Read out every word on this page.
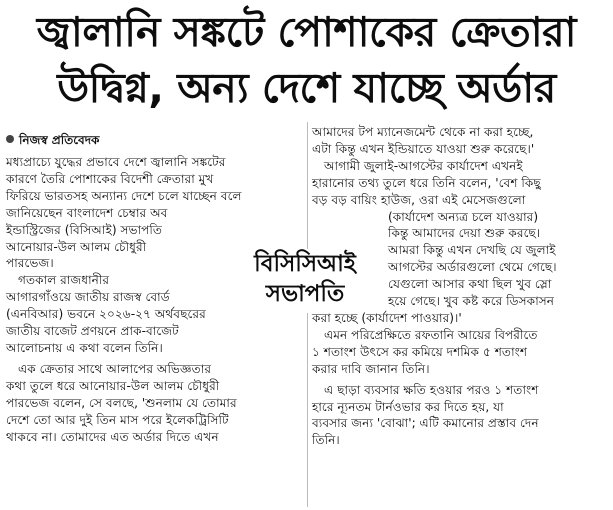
জ্বালানি সঙ্কটে পোশাকের ক্রেতারা
উদ্বিগ্ন, অন্য দেশে যাচ্ছে অর্ডার
নিজস্ব প্রতিবেদক
মধ্যপ্রাচ্যে যুদ্ধের প্রভাবে দেশে জ্বালানি সঙ্কটের
কারণে তৈরি পোশাকের বিদেশী ক্রেতারা মুখ
ফিরিয়ে ভারতসহ অন্যান্য দেশে চলে যাচ্ছেন বলে
জানিয়েছেন বাংলাদেশ চেম্বার অব
ইন্ডাস্ট্রিজের (বিসিআই) সভাপতি
আনোয়ার-উল আলম চৌধুরী
পারভেজ।
গতকাল রাজধানীর
আগারগাঁওয়ে জাতীয় রাজস্ব বোর্ড
(এনবিআর) ভবনে ২০২৬-২৭ অর্থবছরের
জাতীয় বাজেট প্রণয়নে প্রাক-বাজেট
আলোচনায় এ কথা বলেন তিনি।
এক ক্রেতার সাথে আলাপের অভিজ্ঞতার
কথা তুলে ধরে আনোয়ার-উল আলম চৌধুরী
পারভেজ বলেন, সে বলছে, 'শুনলাম যে তোমার
দেশে তো আর দুই তিন মাস পরে ইলেকট্রিসিটি
থাকবে না। তোমাদের এত অর্ডার দিতে এখন
বিসিসিআই
সভাপতি
আমাদের টপ ম্যানেজমেন্ট থেকে না করা হচ্ছে,
এটা কিন্তু এখন ইন্ডিয়াতে যাওয়া শুরু করেছে।'
আগামী জুলাই-আগস্টের কার্যাদেশ এখনই
হারানোর তথ্য তুলে ধরে তিনি বলেন, 'বেশ কিছু
বড় বড় বায়িং হাউজ, ওরা এই মেসেজগুলো
(কার্যাদেশ অন্যত্র চলে যাওয়ার)
কিন্তু আমাদের দেয়া শুরু করছে।
আমরা কিন্তু এখন দেখছি যে জুলাই
আগস্টের অর্ডারগুলো থেমে গেছে।
যেগুলো আসার কথা ছিল খুব স্লো
হয়ে গেছে। খুব কষ্ট করে ডিসকাসন
করা হচ্ছে (কার্যাদেশ পাওয়ার)।'
এমন পরিপ্রেক্ষিতে রফতানি আয়ের বিপরীতে
১ শতাংশ উৎসে কর কমিয়ে দশমিক ৫ শতাংশ
করার দাবি জানান তিনি।
এ ছাড়া ব্যবসার ক্ষতি হওয়ার পরও ১ শতাংশ
হারে ন্যূনতম টার্নওভার কর দিতে হয়, যা
ব্যবসার জন্য 'বোঝা'; এটি কমানোর প্রস্তাব দেন
তিনি।
